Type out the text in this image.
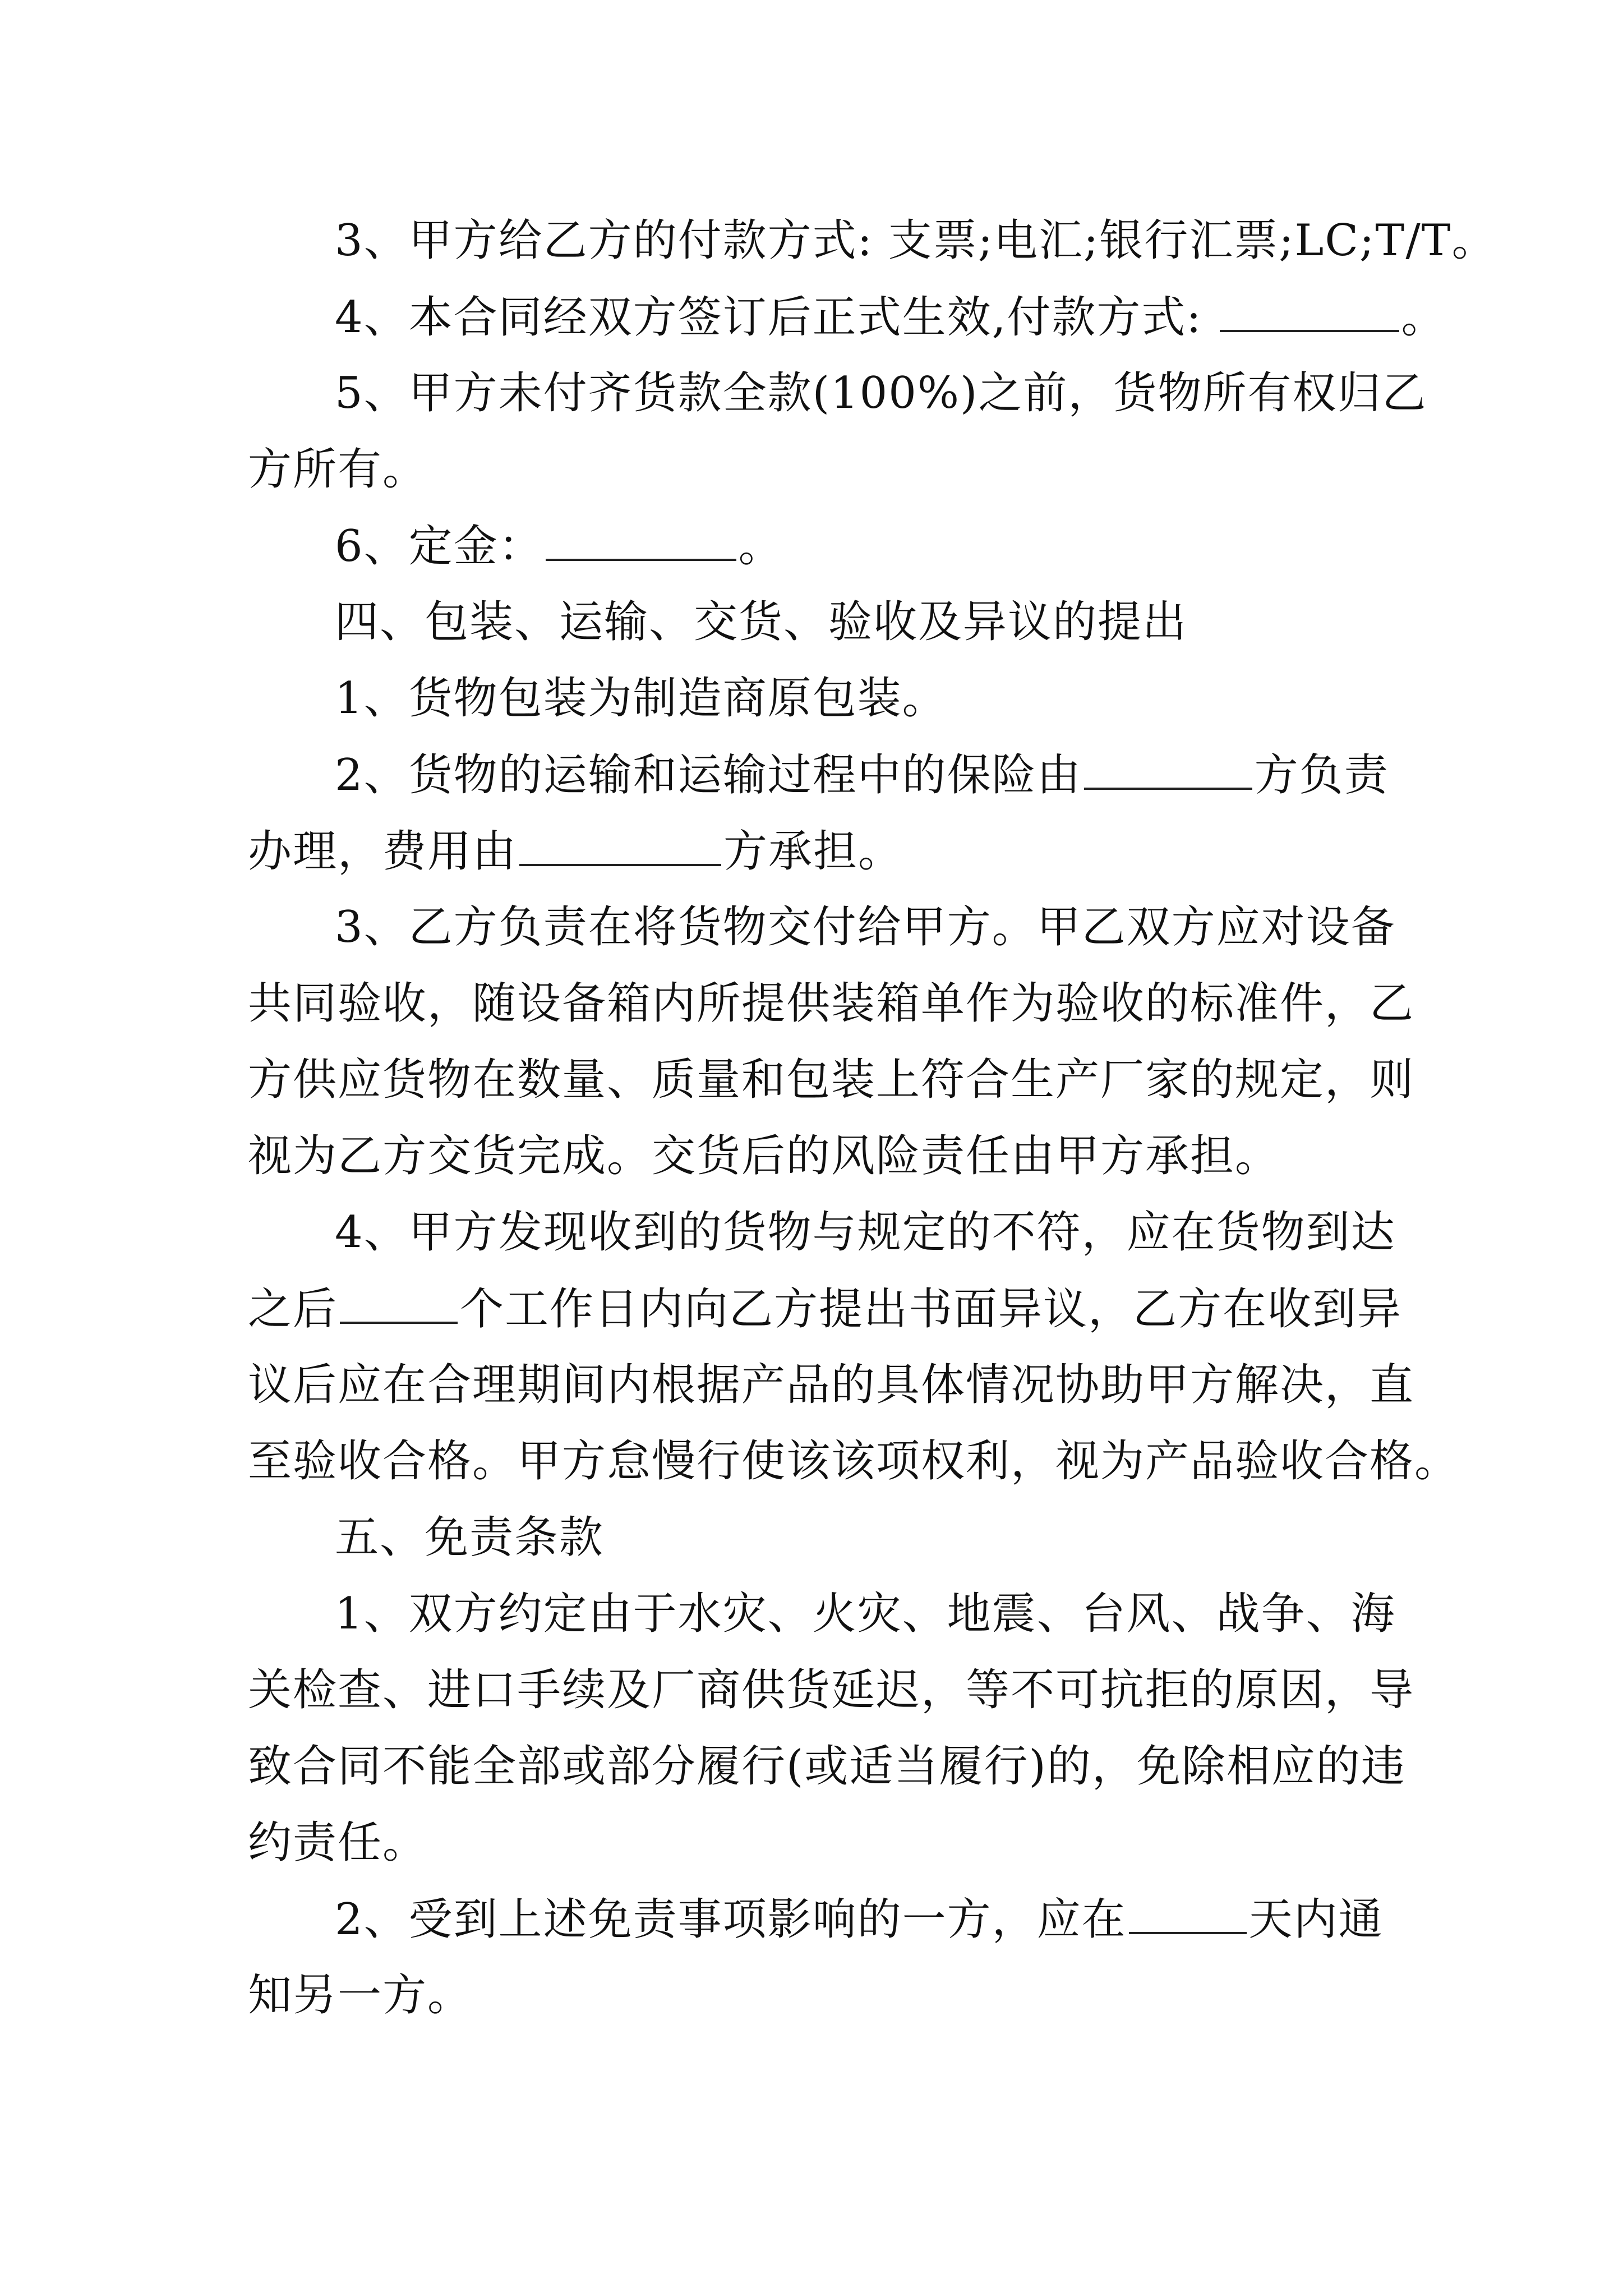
3、甲方给乙方的付款方式: 支票;电汇;银行汇票;LC;T/T。
4、本合同经双方签订后正式生效,付款方式:	。
5、甲方未付齐货款全款(100%)之前，货物所有权归乙
方所有。
6、定金：	。
四、包装、运输、交货、验收及异议的提出
1、货物包装为制造商原包装。
2、货物的运输和运输过程中的保险由	方负责
办理，费用由	方承担。
3、乙方负责在将货物交付给甲方。甲乙双方应对设备
共同验收，随设备箱内所提供装箱单作为验收的标准件，乙
方供应货物在数量、质量和包装上符合生产厂家的规定，则
视为乙方交货完成。交货后的风险责任由甲方承担。
4、甲方发现收到的货物与规定的不符，应在货物到达
之后	个工作日内向乙方提出书面异议，乙方在收到异
议后应在合理期间内根据产品的具体情况协助甲方解决，直
至验收合格。甲方怠慢行使该该项权利，视为产品验收合格。
五、免责条款
1、双方约定由于水灾、火灾、地震、台风、战争、海
关检查、进口手续及厂商供货延迟，等不可抗拒的原因，导
致合同不能全部或部分履行(或适当履行)的，免除相应的违
约责任。
2、受到上述免责事项影响的一方，应在	天内通
知另一方。
